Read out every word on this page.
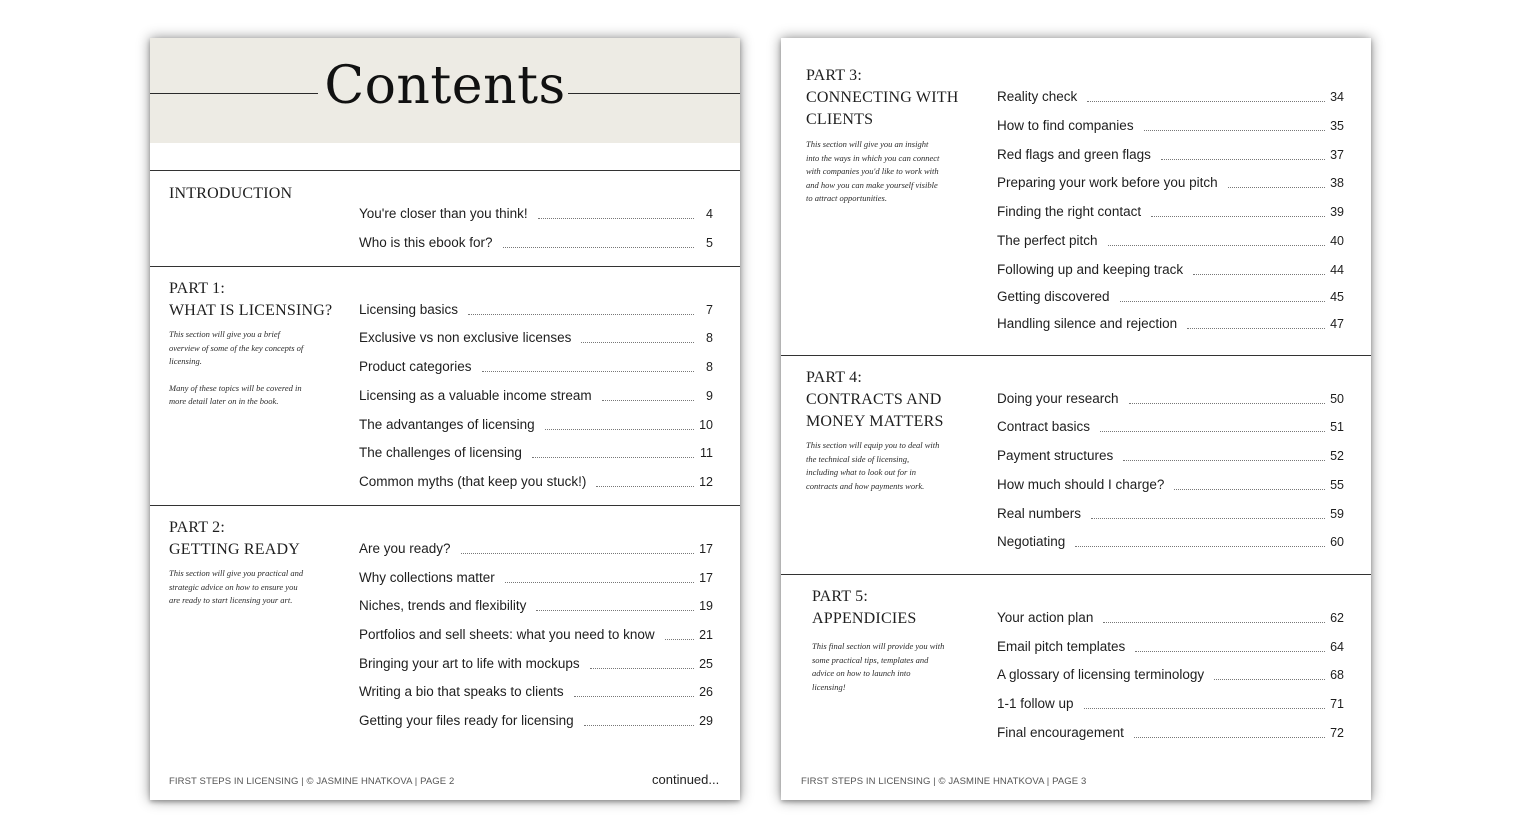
Contents
INTRODUCTION
You're closer than you think!	4
Who is this ebook for?	5
PART 1:
WHAT IS LICENSING?
This section will give you a brief overview of some of the key concepts of licensing.
Many of these topics will be covered in more detail later on in the book.
Licensing basics	7
Exclusive vs non exclusive licenses	8
Product categories	8
Licensing as a valuable income stream	9
The advantanges of licensing	10
The challenges of licensing	11
Common myths (that keep you stuck!)	12
PART 2:
GETTING READY
This section will give you practical and strategic advice on how to ensure you are ready to start licensing your art.
Are you ready?	17
Why collections matter	17
Niches, trends and flexibility	19
Portfolios and sell sheets: what you need to know	21
Bringing your art to life with mockups	25
Writing a bio that speaks to clients	26
Getting your files ready for licensing	29
FIRST STEPS IN LICENSING | © JASMINE HNATKOVA | PAGE 2	continued...
PART 3:
CONNECTING WITH
CLIENTS
This section will give you an insight into the ways in which you can connect with companies you'd like to work with and how you can make yourself visible to attract opportunities.
Reality check	34
How to find companies	35
Red flags and green flags	37
Preparing your work before you pitch	38
Finding the right contact	39
The perfect pitch	40
Following up and keeping track	44
Getting discovered	45
Handling silence and rejection	47
PART 4:
CONTRACTS AND
MONEY MATTERS
This section will equip you to deal with the technical side of licensing, including what to look out for in contracts and how payments work.
Doing your research	50
Contract basics	51
Payment structures	52
How much should I charge?	55
Real numbers	59
Negotiating	60
PART 5:
APPENDICIES
This final section will provide you with some practical tips, templates and advice on how to launch into licensing!
Your action plan	62
Email pitch templates	64
A glossary of licensing terminology	68
1-1 follow up	71
Final encouragement	72
FIRST STEPS IN LICENSING | © JASMINE HNATKOVA | PAGE 3
